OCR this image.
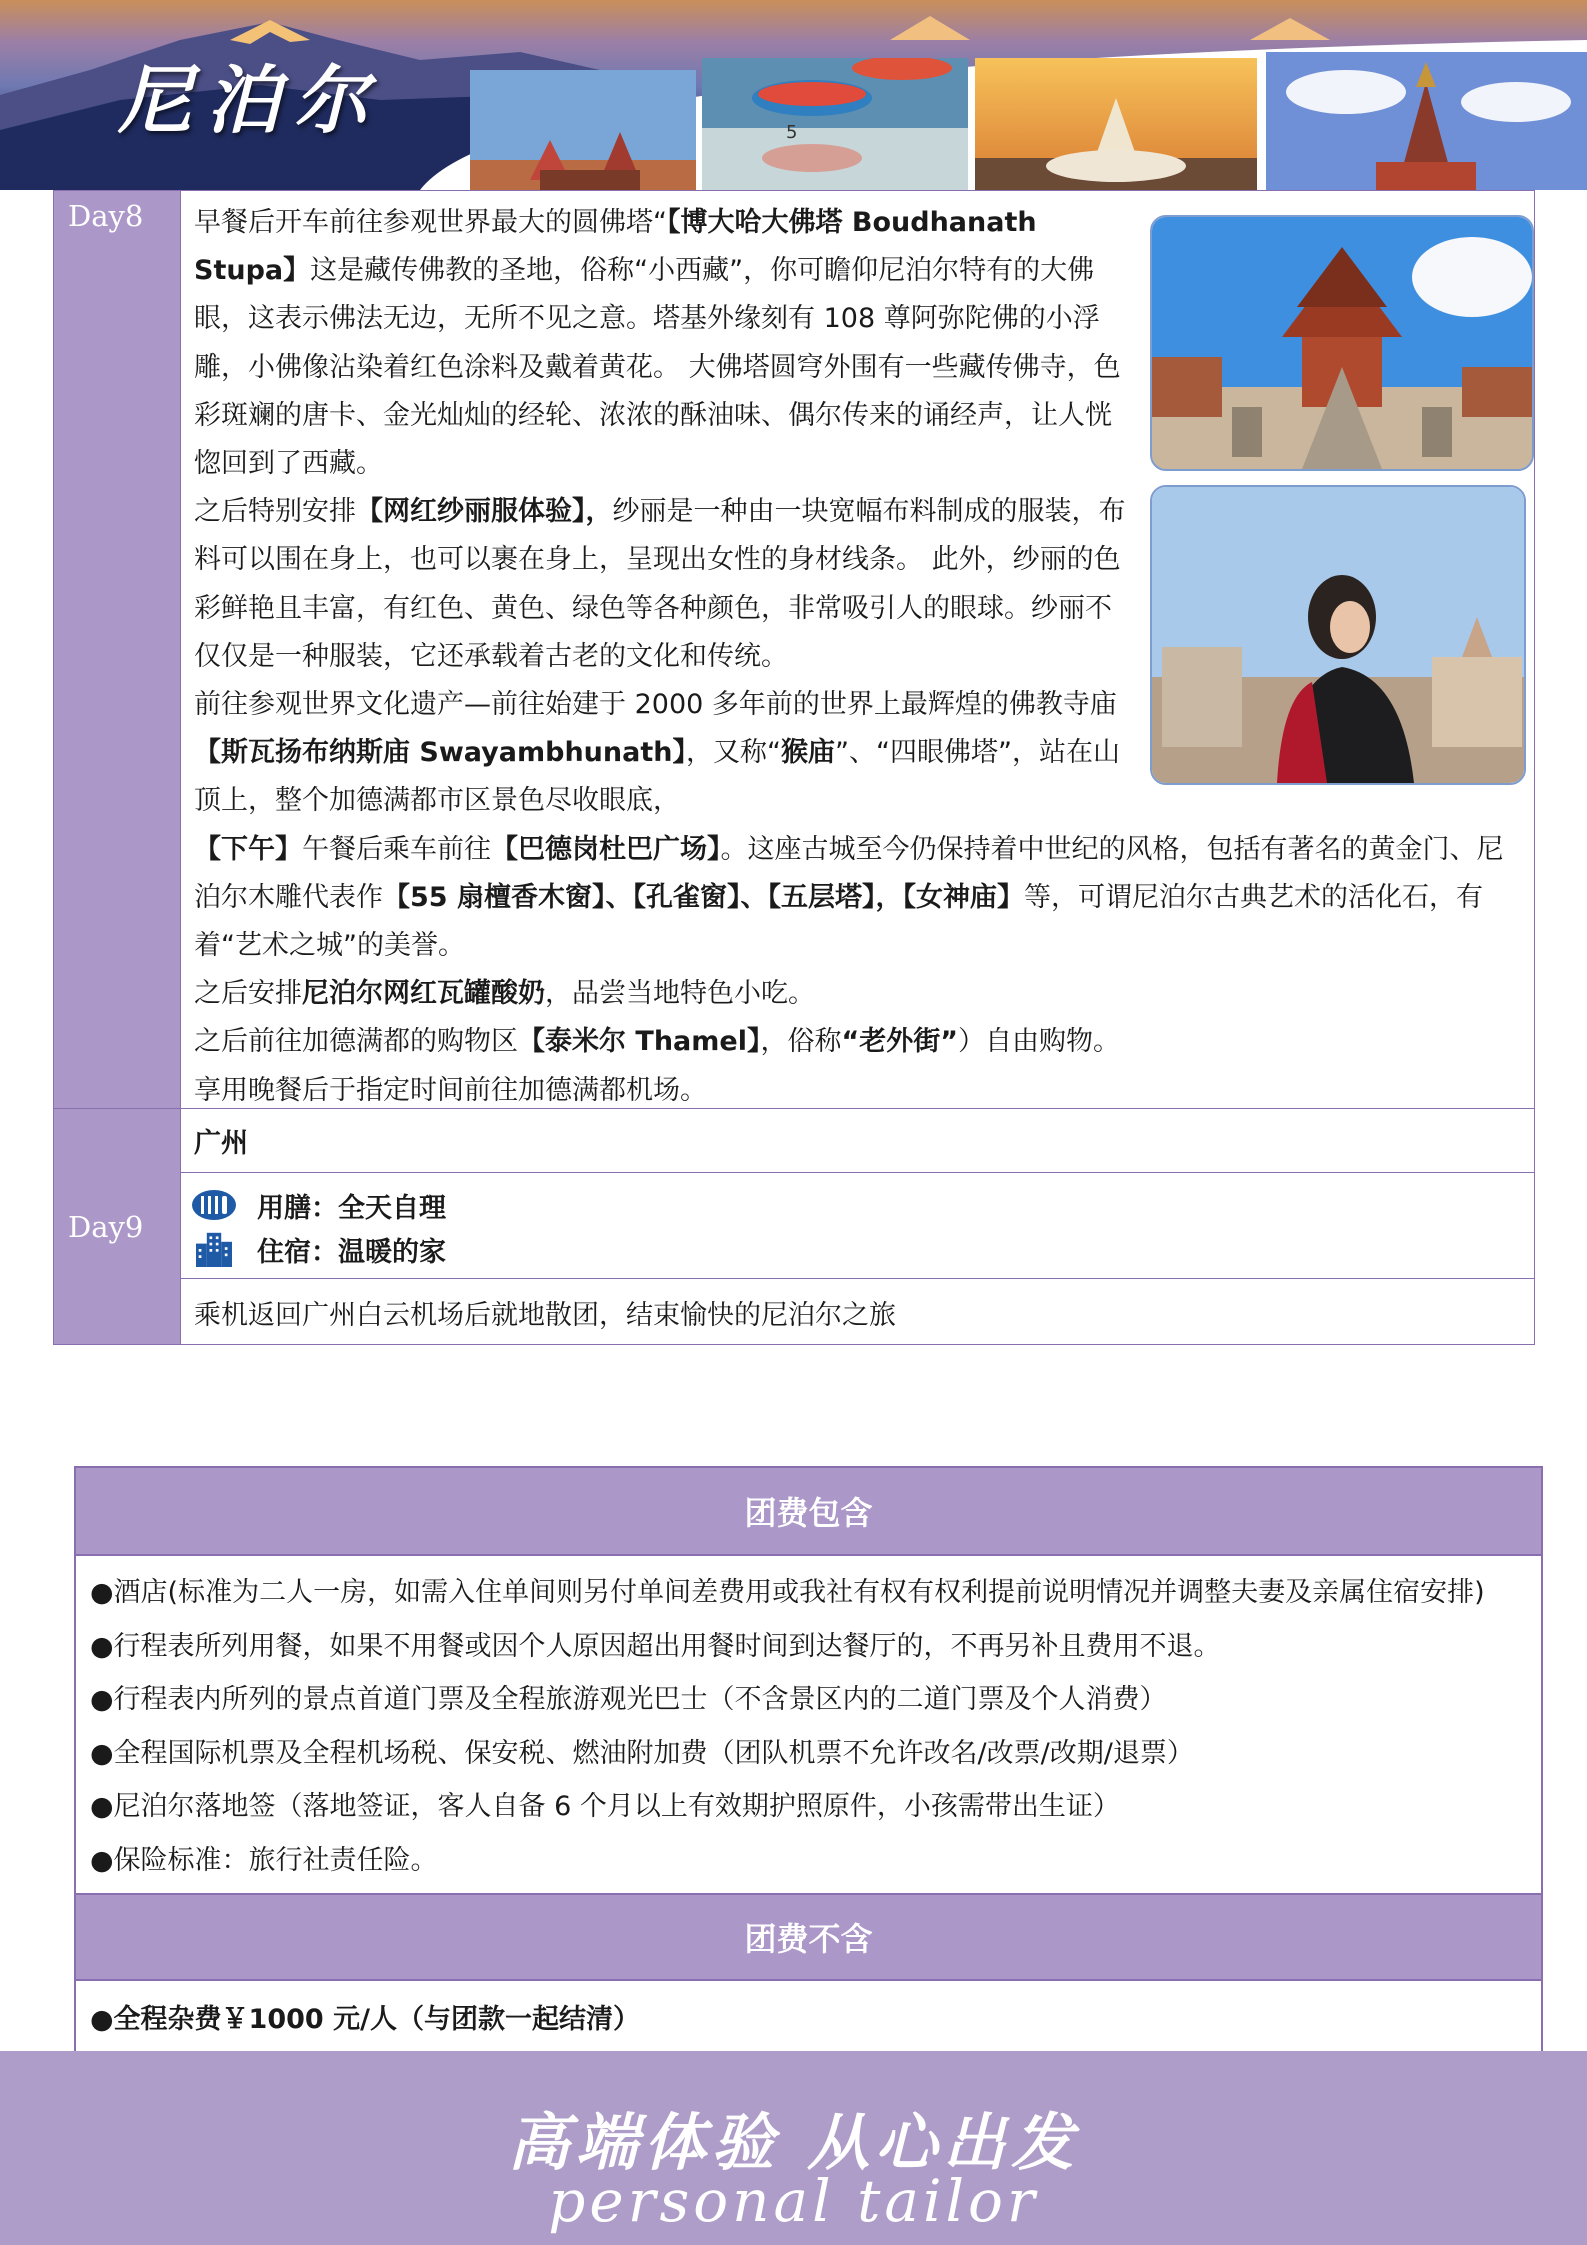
尼泊尔	5
Day8	早餐后开车前往参观世界最大的圆佛塔“【博大哈大佛塔 Boudhanath Stupa】这是藏传佛教的圣地，俗称“小西藏”，你可瞻仰尼泊尔特有的大佛眼，这表示佛法无边，无所不见之意。塔基外缘刻有 108 尊阿弥陀佛的小浮雕，小佛像沾染着红色涂料及戴着黄花。 大佛塔圆穹外围有一些藏传佛寺，色彩斑斓的唐卡、金光灿灿的经轮、浓浓的酥油味、偶尔传来的诵经声，让人恍惚回到了西藏。

之后特别安排【网红纱丽服体验】，纱丽是一种由一块宽幅布料制成的服装，布料可以围在身上，也可以裹在身上，呈现出女性的身材线条。 此外，纱丽的色彩鲜艳且丰富，有红色、黄色、绿色等各种颜色，非常吸引人的眼球。纱丽不仅仅是一种服装，它还承载着古老的文化和传统。

前往参观世界文化遗产—前往始建于 2000 多年前的世界上最辉煌的佛教寺庙【斯瓦扬布纳斯庙 Swayambhunath】，又称“猴庙”、“四眼佛塔”，站在山顶上，整个加德满都市区景色尽收眼底，

【下午】午餐后乘车前往【巴德岗杜巴广场】。这座古城至今仍保持着中世纪的风格，包括有著名的黄金门、尼泊尔木雕代表作【55 扇檀香木窗】、【孔雀窗】、【五层塔】，【女神庙】等，可谓尼泊尔古典艺术的活化石，有着“艺术之城”的美誉。

之后安排尼泊尔网红瓦罐酸奶，品尝当地特色小吃。

之后前往加德满都的购物区【泰米尔 Thamel】，俗称“老外街”）自由购物。

享用晚餐后于指定时间前往加德满都机场。

Day9
广州
用膳：全天自理
住宿：温暖的家
乘机返回广州白云机场后就地散团，结束愉快的尼泊尔之旅
团费包含
●酒店(标准为二人一房，如需入住单间则另付单间差费用或我社有权有权利提前说明情况并调整夫妻及亲属住宿安排)
●行程表所列用餐，如果不用餐或因个人原因超出用餐时间到达餐厅的，不再另补且费用不退。
●行程表内所列的景点首道门票及全程旅游观光巴士（不含景区内的二道门票及个人消费）
●全程国际机票及全程机场税、保安税、燃油附加费（团队机票不允许改名/改票/改期/退票）
●尼泊尔落地签（落地签证，客人自备 6 个月以上有效期护照原件，小孩需带出生证）
●保险标准：旅行社责任险。
团费不含
●全程杂费￥1000 元/人（与团款一起结清）
高端体验 从心出发
personal tailor
